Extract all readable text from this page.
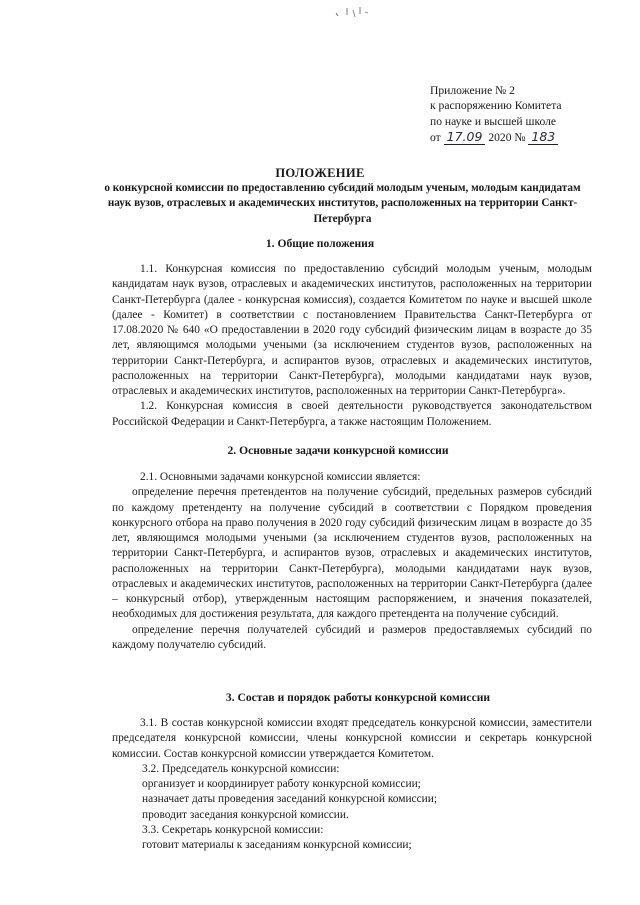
Приложение № 2
к распоряжению Комитета
по науке и высшей школе
от 17.09 2020 № 183
ПОЛОЖЕНИЕ
о конкурсной комиссии по предоставлению субсидий молодым ученым, молодым кандидатам наук вузов, отраслевых и академических институтов, расположенных на территории Санкт-Петербурга
1. Общие положения

1.1. Конкурсная комиссия по предоставлению субсидий молодым ученым, молодым кандидатам наук вузов, отраслевых и академических институтов, расположенных на территории Санкт-Петербурга (далее - конкурсная комиссия), создается Комитетом по науке и высшей школе (далее - Комитет) в соответствии с постановлением Правительства Санкт-Петербурга от 17.08.2020 № 640 «О предоставлении в 2020 году субсидий физическим лицам в возрасте до 35 лет, являющимся молодыми учеными (за исключением студентов вузов, расположенных на территории Санкт-Петербурга, и аспирантов вузов, отраслевых и академических институтов, расположенных на территории Санкт-Петербурга), молодыми кандидатами наук вузов, отраслевых и академических институтов, расположенных на территории Санкт-Петербурга».

1.2. Конкурсная комиссия в своей деятельности руководствуется законодательством Российской Федерации и Санкт-Петербурга, а также настоящим Положением.

2. Основные задачи конкурсной комиссии

2.1. Основными задачами конкурсной комиссии является:

определение перечня претендентов на получение субсидий, предельных размеров субсидий по каждому претенденту на получение субсидий в соответствии с Порядком проведения конкурсного отбора на право получения в 2020 году субсидий физическим лицам в возрасте до 35 лет, являющимся молодыми учеными (за исключением студентов вузов, расположенных на территории Санкт-Петербурга, и аспирантов вузов, отраслевых и академических институтов, расположенных на территории Санкт-Петербурга), молодыми кандидатами наук вузов, отраслевых и академических институтов, расположенных на территории Санкт-Петербурга (далее – конкурсный отбор), утвержденным настоящим распоряжением, и значения показателей, необходимых для достижения результата, для каждого претендента на получение субсидий.

определение перечня получателей субсидий и размеров предоставляемых субсидий по каждому получателю субсидий.

3. Состав и порядок работы конкурсной комиссии

3.1. В состав конкурсной комиссии входят председатель конкурсной комиссии, заместители председателя конкурсной комиссии, члены конкурсной комиссии и секретарь конкурсной комиссии. Состав конкурсной комиссии утверждается Комитетом.

3.2. Председатель конкурсной комиссии:

организует и координирует работу конкурсной комиссии;

назначает даты проведения заседаний конкурсной комиссии;

проводит заседания конкурсной комиссии.

3.3. Секретарь конкурсной комиссии:

готовит материалы к заседаниям конкурсной комиссии;
